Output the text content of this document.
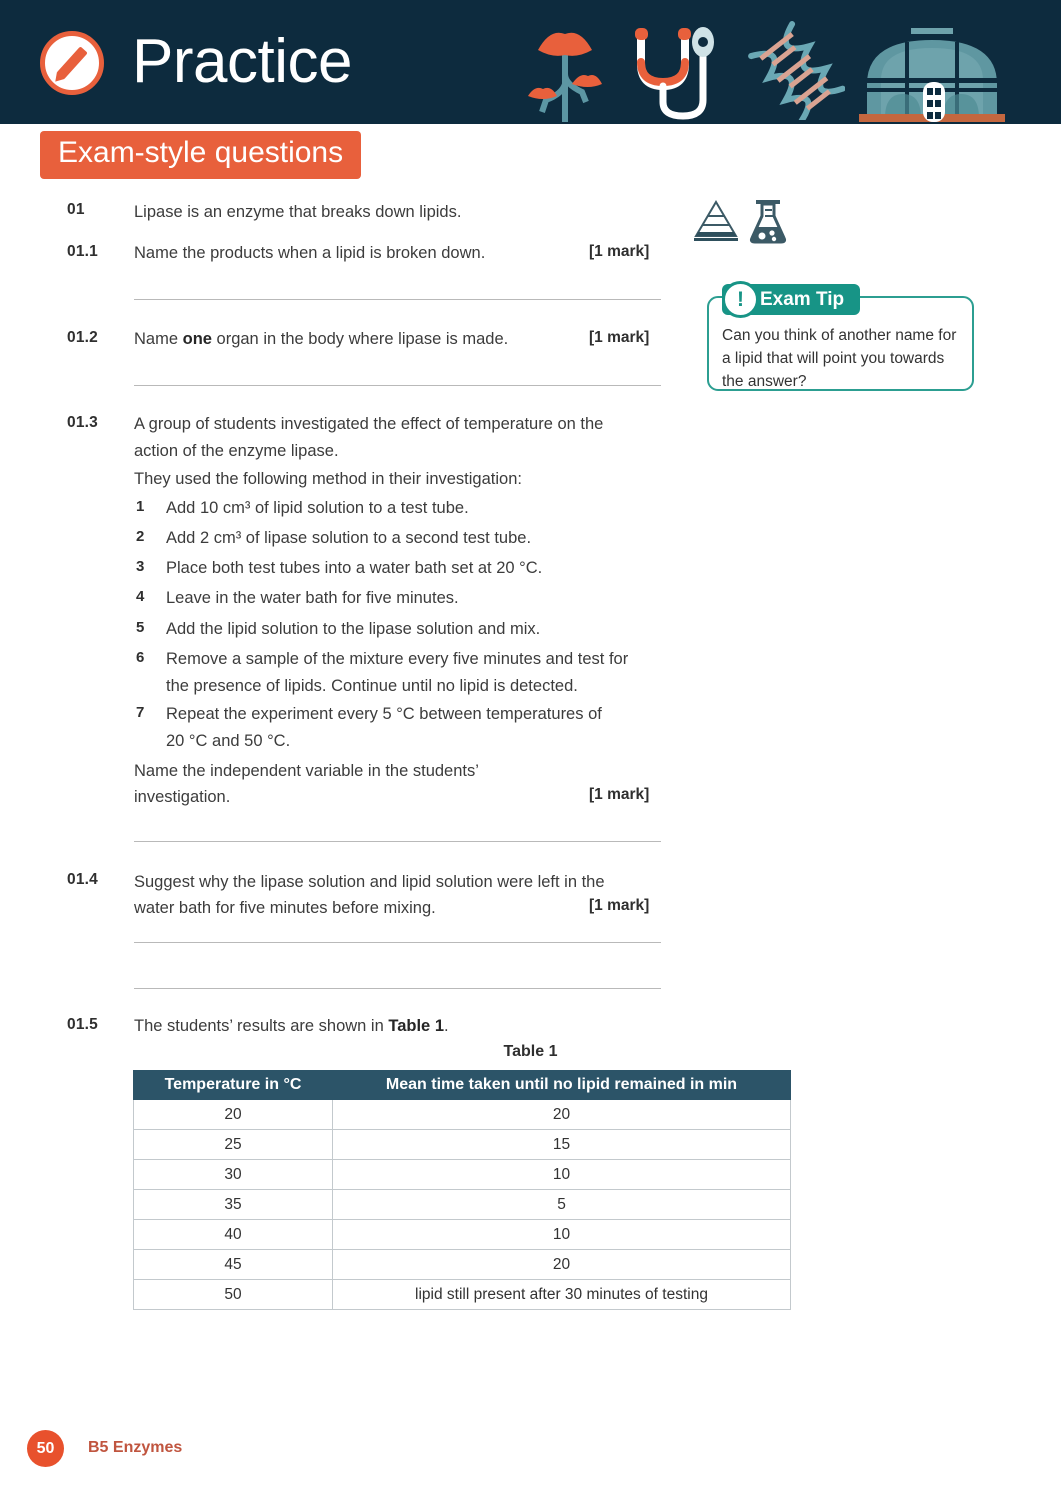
Practice
Exam-style questions
01	Lipase is an enzyme that breaks down lipids.
01.1 Name the products when a lipid is broken down.	[1 mark]
01.2 Name one organ in the body where lipase is made.	[1 mark]
01.3 A group of students investigated the effect of temperature on the
action of the enzyme lipase.
They used the following method in their investigation:
1 Add 10 cm³ of lipid solution to a test tube.
2 Add 2 cm³ of lipase solution to a second test tube.
3 Place both test tubes into a water bath set at 20 °C.
4 Leave in the water bath for five minutes.
5 Add the lipid solution to the lipase solution and mix.
6 Remove a sample of the mixture every five minutes and test for
the presence of lipids. Continue until no lipid is detected.
7 Repeat the experiment every 5 °C between temperatures of
20 °C and 50 °C.
Name the independent variable in the students’
investigation.	[1 mark]
01.4 Suggest why the lipase solution and lipid solution were left in the
water bath for five minutes before mixing.	[1 mark]
01.5 The students’ results are shown in Table 1.
Exam Tip
!
Can you think of another name for a lipid that will point you towards the answer?
Table 1
Temperature in °C	Mean time taken until no lipid remained in min
20	20
25	15
30	10
35	5
40	10
45	20
50	lipid still present after 30 minutes of testing
50	B5 Enzymes
